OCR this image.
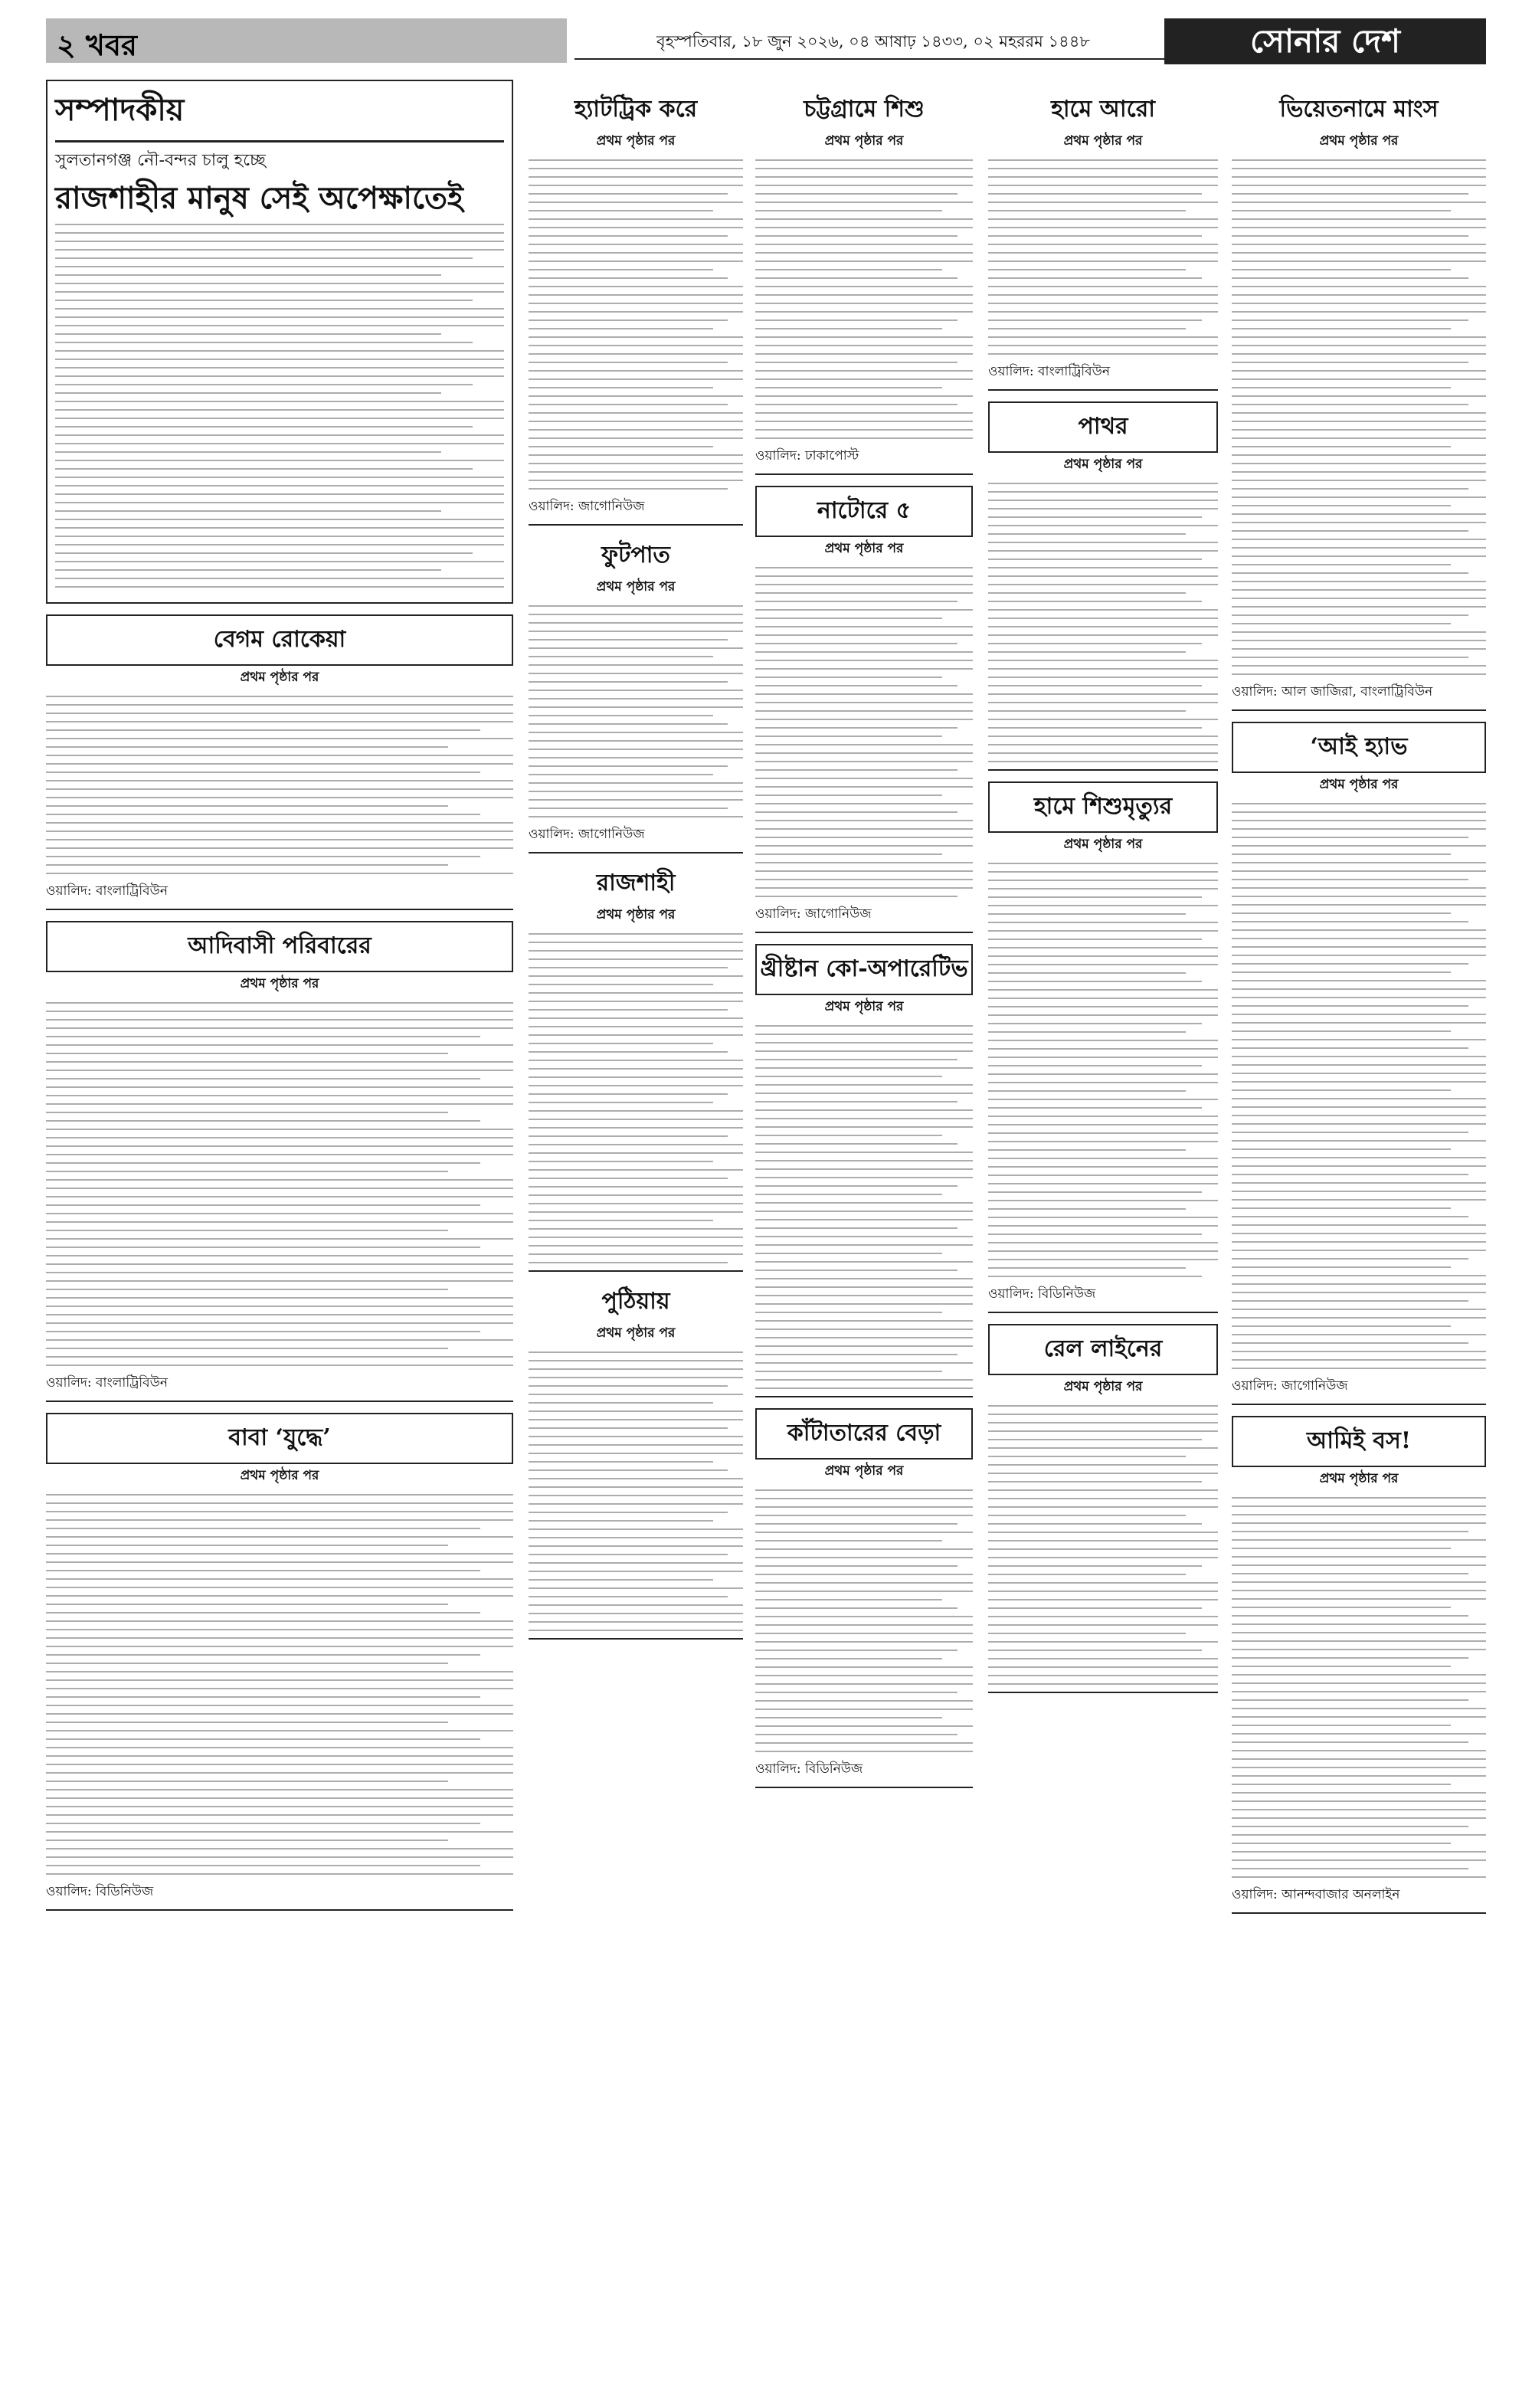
২ খবর	বৃহস্পতিবার, ১৮ জুন ২০২৬, ০৪ আষাঢ় ১৪৩৩, ০২ মহররম ১৪৪৮	সোনার দেশ
সম্পাদকীয়
সুলতানগঞ্জ নৌ-বন্দর চালু হচ্ছে
রাজশাহীর মানুষ সেই অপেক্ষাতেই
বেগম রোকেয়া
প্রথম পৃষ্ঠার পর
ওয়ালিদ: বাংলাট্রিবিউন
আদিবাসী পরিবারের
প্রথম পৃষ্ঠার পর
ওয়ালিদ: বাংলাট্রিবিউন
বাবা ‘যুদ্ধে’
প্রথম পৃষ্ঠার পর
ওয়ালিদ: বিডিনিউজ
হ্যাটট্রিক করে
প্রথম পৃষ্ঠার পর
ওয়ালিদ: জাগোনিউজ
ফুটপাত
প্রথম পৃষ্ঠার পর
ওয়ালিদ: জাগোনিউজ
রাজশাহী
প্রথম পৃষ্ঠার পর
পুঠিয়ায়
প্রথম পৃষ্ঠার পর
চট্টগ্রামে শিশু
প্রথম পৃষ্ঠার পর
ওয়ালিদ: ঢাকাপোস্ট
নাটোরে ৫
প্রথম পৃষ্ঠার পর
ওয়ালিদ: জাগোনিউজ
খ্রীষ্টান কো-অপারেটিভ
প্রথম পৃষ্ঠার পর
কাঁটাতারের বেড়া
প্রথম পৃষ্ঠার পর
ওয়ালিদ: বিডিনিউজ
হামে আরো
প্রথম পৃষ্ঠার পর
ওয়ালিদ: বাংলাট্রিবিউন
পাথর
প্রথম পৃষ্ঠার পর
হামে শিশুমৃত্যুর
প্রথম পৃষ্ঠার পর
ওয়ালিদ: বিডিনিউজ
রেল লাইনের
প্রথম পৃষ্ঠার পর
ভিয়েতনামে মাংস
প্রথম পৃষ্ঠার পর
ওয়ালিদ: আল জাজিরা, বাংলাট্রিবিউন
‘আই হ্যাভ
প্রথম পৃষ্ঠার পর
ওয়ালিদ: জাগোনিউজ
আমিই বস!
প্রথম পৃষ্ঠার পর
ওয়ালিদ: আনন্দবাজার অনলাইন
